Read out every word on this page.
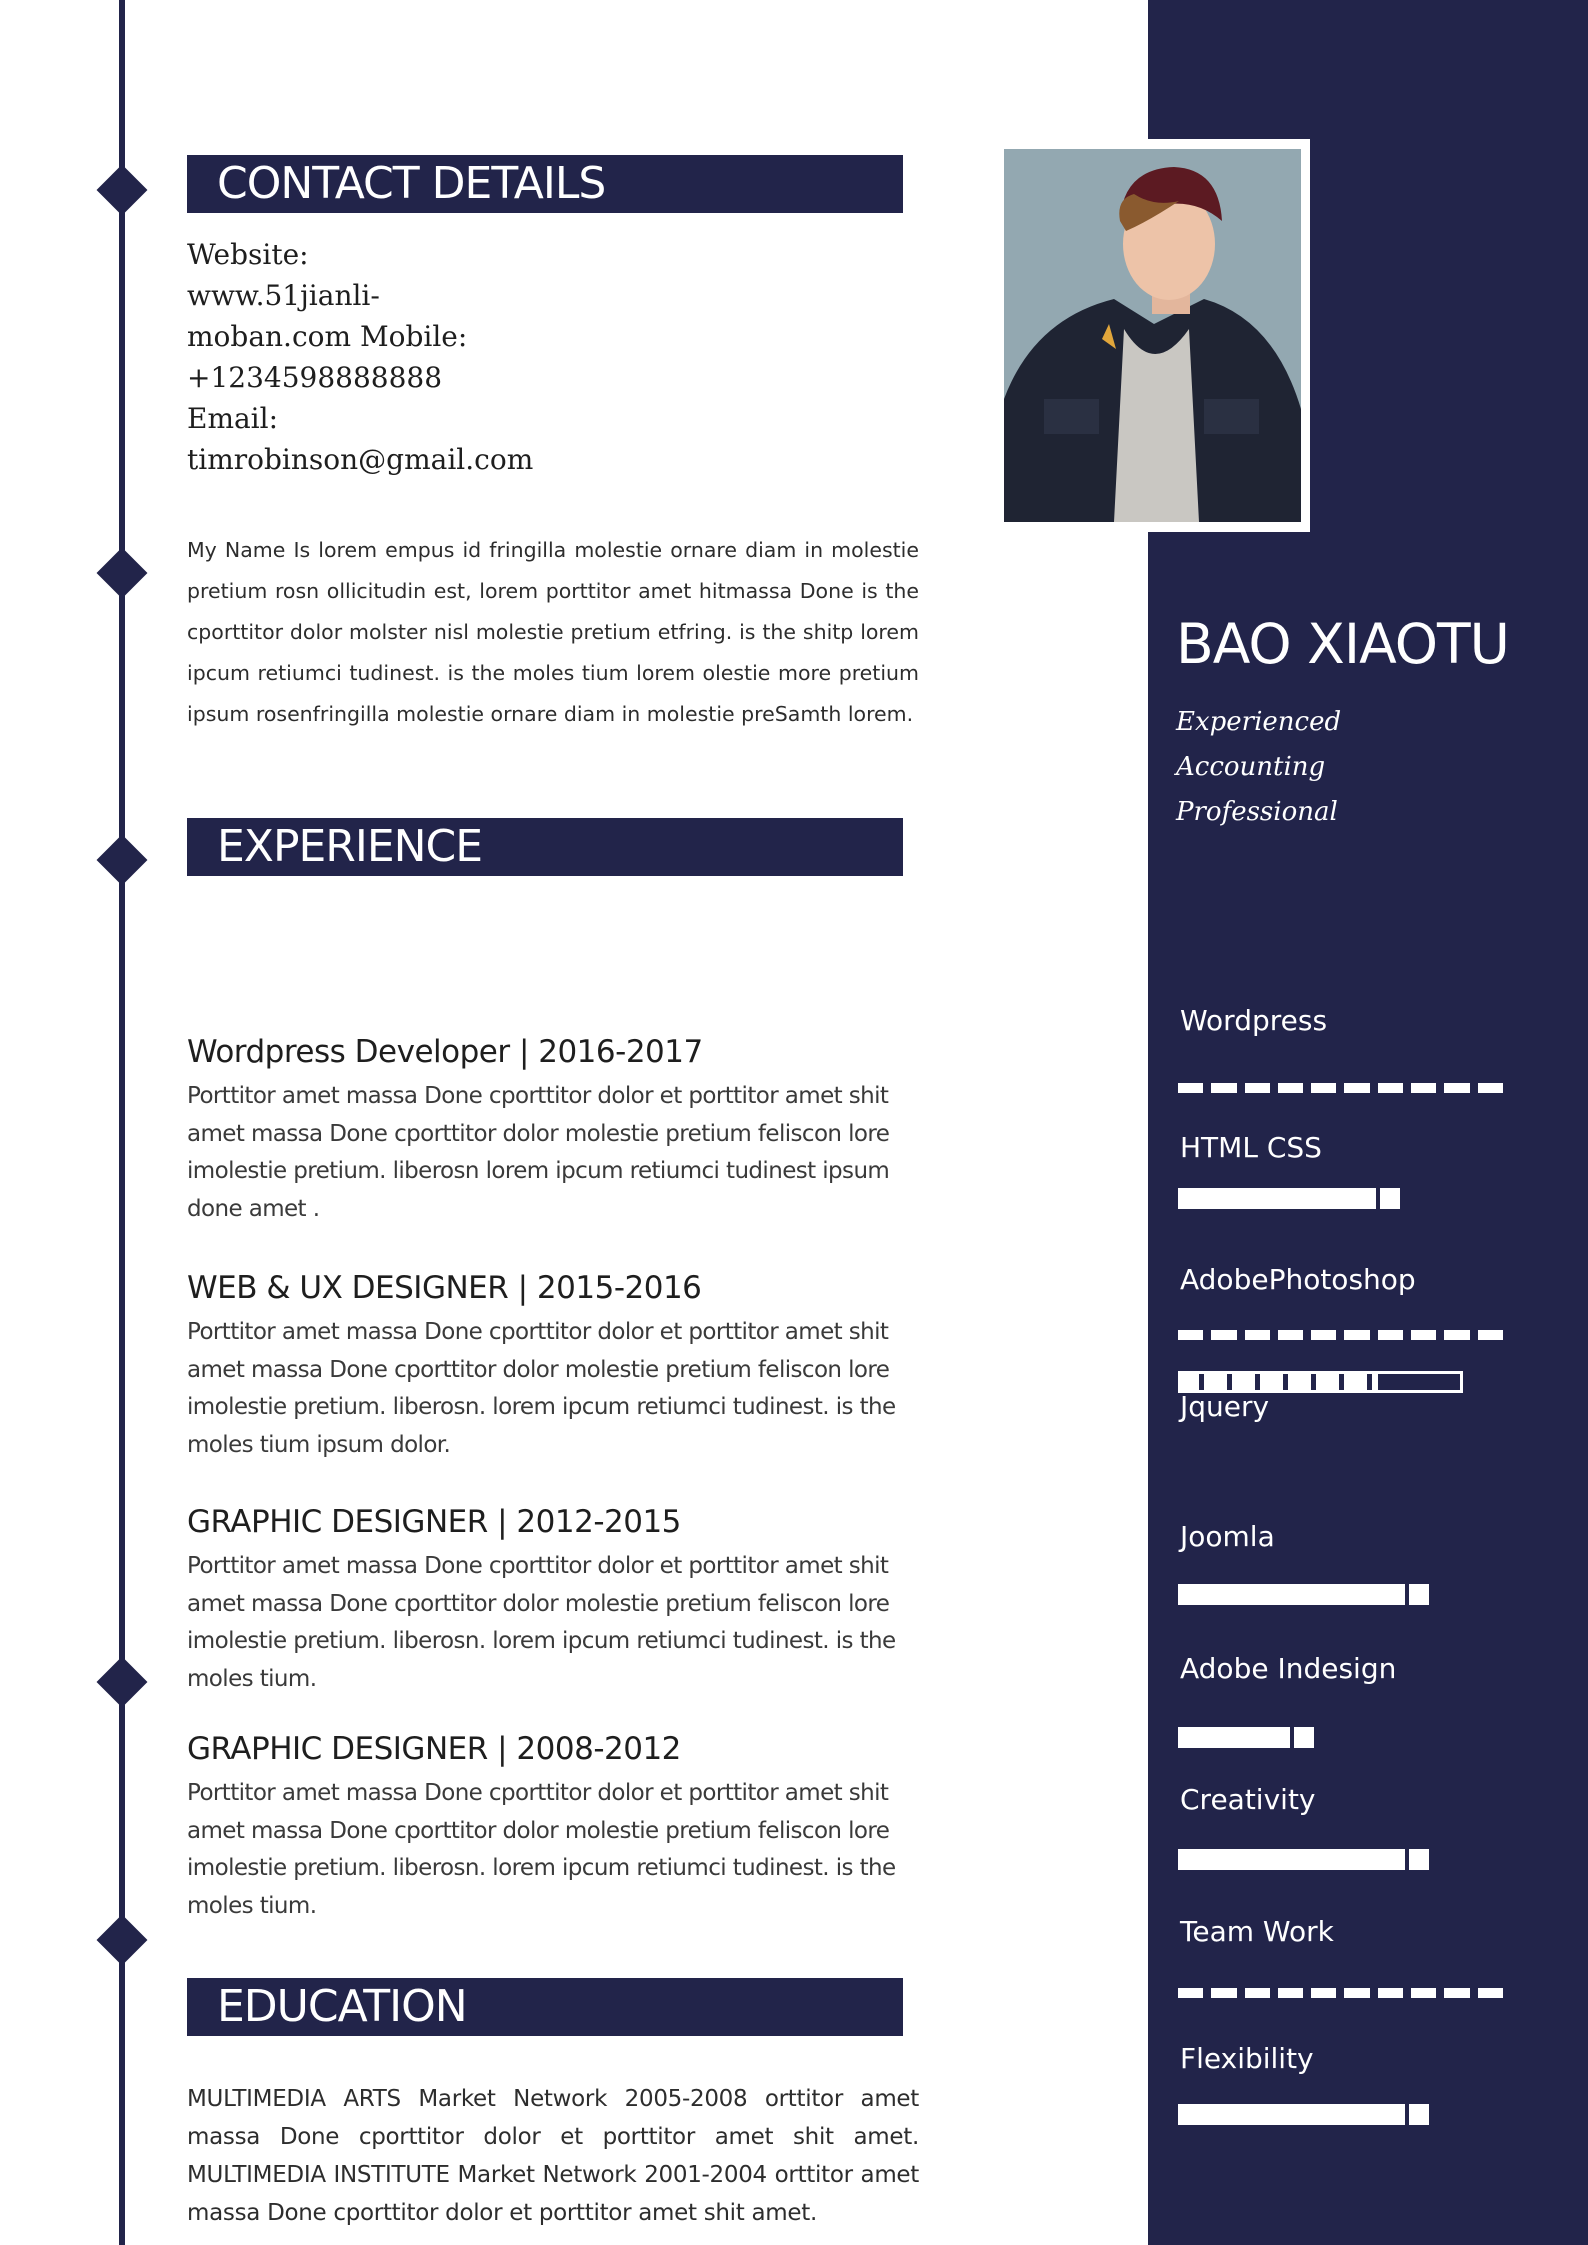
CONTACT DETAILS
Website:
www.51jianli-
moban.com Mobile:
+1234598888888
Email:
timrobinson@gmail.com
My Name Is lorem empus id fringilla molestie ornare diam in molestie pretium rosn ollicitudin est, lorem porttitor amet hitmassa Done is the cporttitor dolor molster nisl molestie pretium etfring. is the shitp lorem ipcum retiumci tudinest. is the moles tium lorem olestie more pretium ipsum rosenfringilla molestie ornare diam in molestie preSamth lorem.
EXPERIENCE
Wordpress Developer | 2016-2017
Porttitor amet massa Done cporttitor dolor et porttitor amet shit amet massa Done cporttitor dolor molestie pretium feliscon lore imolestie pretium. liberosn lorem ipcum retiumci tudinest ipsum done amet .
WEB & UX DESIGNER | 2015-2016
Porttitor amet massa Done cporttitor dolor et porttitor amet shit amet massa Done cporttitor dolor molestie pretium feliscon lore imolestie pretium. liberosn. lorem ipcum retiumci tudinest. is the moles tium ipsum dolor.
GRAPHIC DESIGNER | 2012-2015
Porttitor amet massa Done cporttitor dolor et porttitor amet shit amet massa Done cporttitor dolor molestie pretium feliscon lore imolestie pretium. liberosn. lorem ipcum retiumci tudinest. is the moles tium.
GRAPHIC DESIGNER | 2008-2012
Porttitor amet massa Done cporttitor dolor et porttitor amet shit amet massa Done cporttitor dolor molestie pretium feliscon lore imolestie pretium. liberosn. lorem ipcum retiumci tudinest. is the moles tium.
EDUCATION
MULTIMEDIA ARTS Market Network 2005-2008 orttitor amet massa Done cporttitor dolor et porttitor amet shit amet. MULTIMEDIA INSTITUTE Market Network 2001-2004 orttitor amet massa Done cporttitor dolor et porttitor amet shit amet.
BAO XIAOTU
Experienced
Accounting
Professional
Wordpress
HTML CSS
AdobePhotoshop
Jquery
Joomla
Adobe Indesign
Creativity
Team Work
Flexibility
